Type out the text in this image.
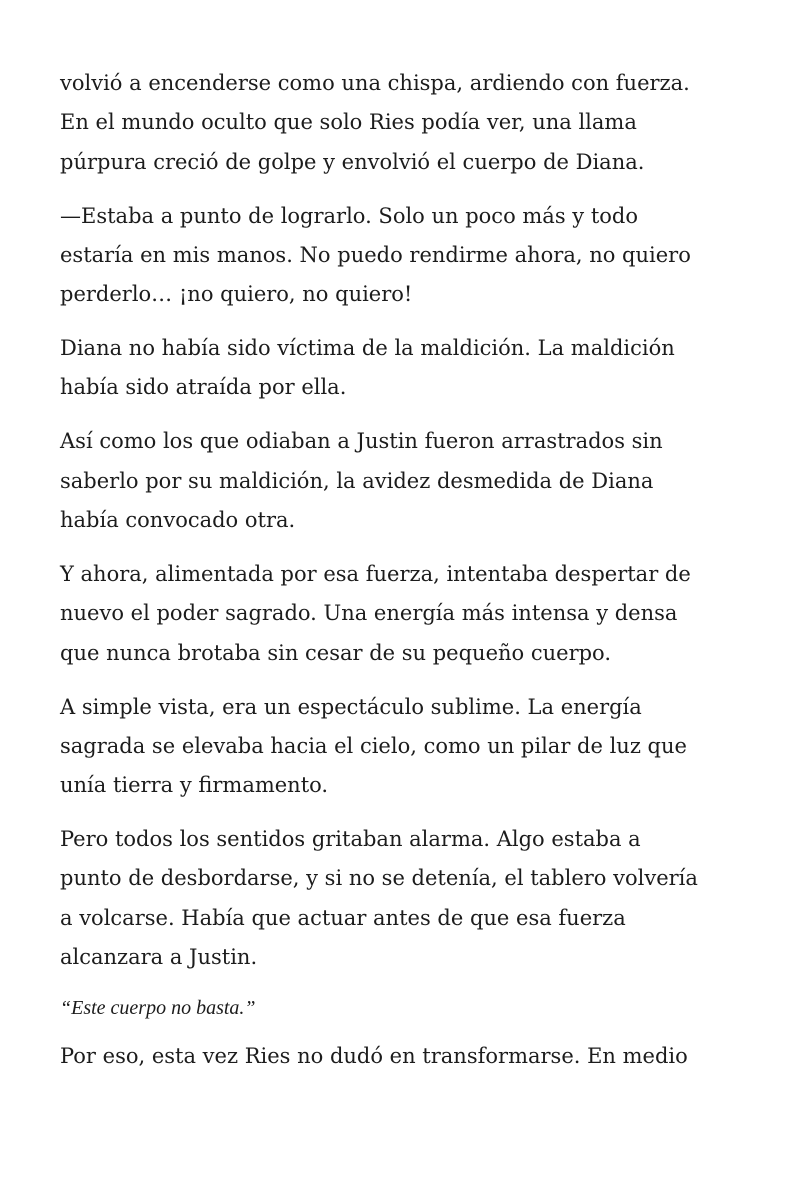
volvió a encenderse como una chispa, ardiendo con fuerza.
En el mundo oculto que solo Ries podía ver, una llama
púrpura creció de golpe y envolvió el cuerpo de Diana.

—Estaba a punto de lograrlo. Solo un poco más y todo
estaría en mis manos. No puedo rendirme ahora, no quiero
perderlo… ¡no quiero, no quiero!

Diana no había sido víctima de la maldición. La maldición
había sido atraída por ella.

Así como los que odiaban a Justin fueron arrastrados sin
saberlo por su maldición, la avidez desmedida de Diana
había convocado otra.

Y ahora, alimentada por esa fuerza, intentaba despertar de
nuevo el poder sagrado. Una energía más intensa y densa
que nunca brotaba sin cesar de su pequeño cuerpo.

A simple vista, era un espectáculo sublime. La energía
sagrada se elevaba hacia el cielo, como un pilar de luz que
unía tierra y firmamento.

Pero todos los sentidos gritaban alarma. Algo estaba a
punto de desbordarse, y si no se detenía, el tablero volvería
a volcarse. Había que actuar antes de que esa fuerza
alcanzara a Justin.

“Este cuerpo no basta.”

Por eso, esta vez Ries no dudó en transformarse. En medio
